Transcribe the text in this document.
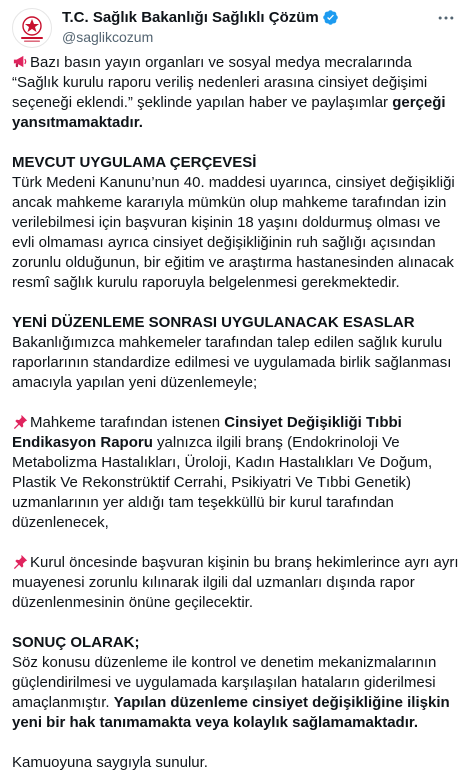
T.C. Sağlık Bakanlığı Sağlıklı Çözüm
@saglikcozum

Bazı basın yayın organları ve sosyal medya mecralarında “Sağlık kurulu raporu veriliş nedenleri arasına cinsiyet değişimi seçeneği eklendi.” şeklinde yapılan haber ve paylaşımlar gerçeği yansıtmamaktadır.

MEVCUT UYGULAMA ÇERÇEVESİ
Türk Medeni Kanunu’nun 40. maddesi uyarınca, cinsiyet değişikliği ancak mahkeme kararıyla mümkün olup mahkeme tarafından izin verilebilmesi için başvuran kişinin 18 yaşını doldurmuş olması ve evli olmaması ayrıca cinsiyet değişikliğinin ruh sağlığı açısından zorunlu olduğunun, bir eğitim ve araştırma hastanesinden alınacak resmî sağlık kurulu raporuyla belgelenmesi gerekmektedir.

YENİ DÜZENLEME SONRASI UYGULANACAK ESASLAR
Bakanlığımızca mahkemeler tarafından talep edilen sağlık kurulu raporlarının standardize edilmesi ve uygulamada birlik sağlanması amacıyla yapılan yeni düzenlemeyle;

Mahkeme tarafından istenen Cinsiyet Değişikliği Tıbbi Endikasyon Raporu yalnızca ilgili branş (Endokrinoloji Ve Metabolizma Hastalıkları, Üroloji, Kadın Hastalıkları Ve Doğum, Plastik Ve Rekonstrüktif Cerrahi, Psikiyatri Ve Tıbbi Genetik) uzmanlarının yer aldığı tam teşekküllü bir kurul tarafından düzenlenecek,

Kurul öncesinde başvuran kişinin bu branş hekimlerince ayrı ayrı muayenesi zorunlu kılınarak ilgili dal uzmanları dışında rapor düzenlenmesinin önüne geçilecektir.

SONUÇ OLARAK;
Söz konusu düzenleme ile kontrol ve denetim mekanizmalarının güçlendirilmesi ve uygulamada karşılaşılan hataların giderilmesi amaçlanmıştır. Yapılan düzenleme cinsiyet değişikliğine ilişkin yeni bir hak tanımamakta veya kolaylık sağlamamaktadır.

Kamuoyuna saygıyla sunulur.
